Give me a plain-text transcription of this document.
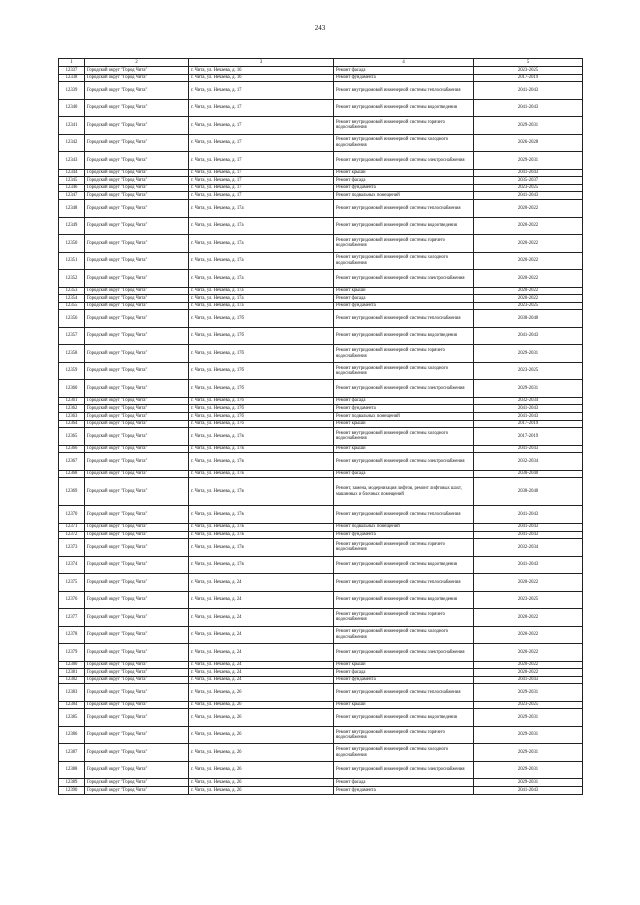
243
1	2	3	4	5
12337	Городской округ "Город Чита"	г. Чита, ул. Нечаева, д. 16	Ремонт фасада	2023-2025
12338	Городской округ "Город Чита"	г. Чита, ул. Нечаева, д. 16	Ремонт фундамента	2017-2019
12339	Городской округ "Город Чита"	г. Чита, ул. Нечаева, д. 17	Ремонт внутридомовой инженерной системы теплоснабжения	2041-2043
12340	Городской округ "Город Чита"	г. Чита, ул. Нечаева, д. 17	Ремонт внутридомовой инженерной системы водоотведения	2041-2043
12341	Городской округ "Город Чита"	г. Чита, ул. Нечаева, д. 17	Ремонт внутридомовой инженерной системы горячего водоснабжения	2029-2031
12342	Городской округ "Город Чита"	г. Чита, ул. Нечаева, д. 17	Ремонт внутридомовой инженерной системы холодного водоснабжения	2026-2028
12343	Городской округ "Город Чита"	г. Чита, ул. Нечаева, д. 17	Ремонт внутридомовой инженерной системы электроснабжения	2029-2031
12344	Городской округ "Город Чита"	г. Чита, ул. Нечаева, д. 17	Ремонт крыши	2041-2043
12345	Городской округ "Город Чита"	г. Чита, ул. Нечаева, д. 17	Ремонт фасада	2035-2037
12346	Городской округ "Город Чита"	г. Чита, ул. Нечаева, д. 17	Ремонт фундамента	2023-2025
12347	Городской округ "Город Чита"	г. Чита, ул. Нечаева, д. 17	Ремонт подвальных помещений	2041-2043
12348	Городской округ "Город Чита"	г. Чита, ул. Нечаева, д. 17а	Ремонт внутридомовой инженерной системы теплоснабжения	2020-2022
12349	Городской округ "Город Чита"	г. Чита, ул. Нечаева, д. 17а	Ремонт внутридомовой инженерной системы водоотведения	2020-2022
12350	Городской округ "Город Чита"	г. Чита, ул. Нечаева, д. 17а	Ремонт внутридомовой инженерной системы горячего водоснабжения	2020-2022
12351	Городской округ "Город Чита"	г. Чита, ул. Нечаева, д. 17а	Ремонт внутридомовой инженерной системы холодного водоснабжения	2020-2022
12352	Городской округ "Город Чита"	г. Чита, ул. Нечаева, д. 17а	Ремонт внутридомовой инженерной системы электроснабжения	2020-2022
12353	Городской округ "Город Чита"	г. Чита, ул. Нечаева, д. 17а	Ремонт крыши	2020-2022
12354	Городской округ "Город Чита"	г. Чита, ул. Нечаева, д. 17а	Ремонт фасада	2020-2022
12355	Городской округ "Город Чита"	г. Чита, ул. Нечаева, д. 17а	Ремонт фундамента	2023-2025
12356	Городской округ "Город Чита"	г. Чита, ул. Нечаева, д. 17б	Ремонт внутридомовой инженерной системы теплоснабжения	2038-2040
12357	Городской округ "Город Чита"	г. Чита, ул. Нечаева, д. 17б	Ремонт внутридомовой инженерной системы водоотведения	2041-2043
12358	Городской округ "Город Чита"	г. Чита, ул. Нечаева, д. 17б	Ремонт внутридомовой инженерной системы горячего водоснабжения	2029-2031
12359	Городской округ "Город Чита"	г. Чита, ул. Нечаева, д. 17б	Ремонт внутридомовой инженерной системы холодного водоснабжения	2023-2025
12360	Городской округ "Город Чита"	г. Чита, ул. Нечаева, д. 17б	Ремонт внутридомовой инженерной системы электроснабжения	2029-2031
12361	Городской округ "Город Чита"	г. Чита, ул. Нечаева, д. 17б	Ремонт фасада	2032-2034
12362	Городской округ "Город Чита"	г. Чита, ул. Нечаева, д. 17б	Ремонт фундамента	2041-2043
12363	Городской округ "Город Чита"	г. Чита, ул. Нечаева, д. 17б	Ремонт подвальных помещений	2041-2043
12364	Городской округ "Город Чита"	г. Чита, ул. Нечаева, д. 17б	Ремонт крыши	2017-2019
12365	Городской округ "Город Чита"	г. Чита, ул. Нечаева, д. 17в	Ремонт внутридомовой инженерной системы холодного водоснабжения	2017-2019
12366	Городской округ "Город Чита"	г. Чита, ул. Нечаева, д. 17в	Ремонт крыши	2041-2043
12367	Городской округ "Город Чита"	г. Чита, ул. Нечаева, д. 17в	Ремонт внутридомовой инженерной системы электроснабжения	2032-2034
12368	Городской округ "Город Чита"	г. Чита, ул. Нечаева, д. 17в	Ремонт фасада	2038-2040
12369	Городской округ "Город Чита"	г. Чита, ул. Нечаева, д. 17в	Ремонт, замена, модернизация лифтов, ремонт лифтовых шахт, машинных и блочных помещений	2038-2040
12370	Городской округ "Город Чита"	г. Чита, ул. Нечаева, д. 17в	Ремонт внутридомовой инженерной системы теплоснабжения	2041-2043
12371	Городской округ "Город Чита"	г. Чита, ул. Нечаева, д. 17в	Ремонт подвальных помещений	2041-2043
12372	Городской округ "Город Чита"	г. Чита, ул. Нечаева, д. 17в	Ремонт фундамента	2041-2043
12373	Городской округ "Город Чита"	г. Чита, ул. Нечаева, д. 17в	Ремонт внутридомовой инженерной системы горячего водоснабжения	2032-2034
12374	Городской округ "Город Чита"	г. Чита, ул. Нечаева, д. 17в	Ремонт внутридомовой инженерной системы водоотведения	2041-2043
12375	Городской округ "Город Чита"	г. Чита, ул. Нечаева, д. 24	Ремонт внутридомовой инженерной системы теплоснабжения	2020-2022
12376	Городской округ "Город Чита"	г. Чита, ул. Нечаева, д. 24	Ремонт внутридомовой инженерной системы водоотведения	2023-2025
12377	Городской округ "Город Чита"	г. Чита, ул. Нечаева, д. 24	Ремонт внутридомовой инженерной системы горячего водоснабжения	2020-2022
12378	Городской округ "Город Чита"	г. Чита, ул. Нечаева, д. 24	Ремонт внутридомовой инженерной системы холодного водоснабжения	2020-2022
12379	Городской округ "Город Чита"	г. Чита, ул. Нечаева, д. 24	Ремонт внутридомовой инженерной системы электроснабжения	2020-2022
12380	Городской округ "Город Чита"	г. Чита, ул. Нечаева, д. 24	Ремонт крыши	2020-2022
12381	Городской округ "Город Чита"	г. Чита, ул. Нечаева, д. 24	Ремонт фасада	2020-2022
12382	Городской округ "Город Чита"	г. Чита, ул. Нечаева, д. 24	Ремонт фундамента	2041-2043
12383	Городской округ "Город Чита"	г. Чита, ул. Нечаева, д. 26	Ремонт внутридомовой инженерной системы теплоснабжения	2029-2031
12384	Городской округ "Город Чита"	г. Чита, ул. Нечаева, д. 26	Ремонт крыши	2023-2025
12385	Городской округ "Город Чита"	г. Чита, ул. Нечаева, д. 26	Ремонт внутридомовой инженерной системы водоотведения	2029-2031
12386	Городской округ "Город Чита"	г. Чита, ул. Нечаева, д. 26	Ремонт внутридомовой инженерной системы горячего водоснабжения	2029-2031
12387	Городской округ "Город Чита"	г. Чита, ул. Нечаева, д. 26	Ремонт внутридомовой инженерной системы холодного водоснабжения	2029-2031
12388	Городской округ "Город Чита"	г. Чита, ул. Нечаева, д. 26	Ремонт внутридомовой инженерной системы электроснабжения	2029-2031
12389	Городской округ "Город Чита"	г. Чита, ул. Нечаева, д. 26	Ремонт фасада	2029-2031
12390	Городской округ "Город Чита"	г. Чита, ул. Нечаева, д. 26	Ремонт фундамента	2041-2043
